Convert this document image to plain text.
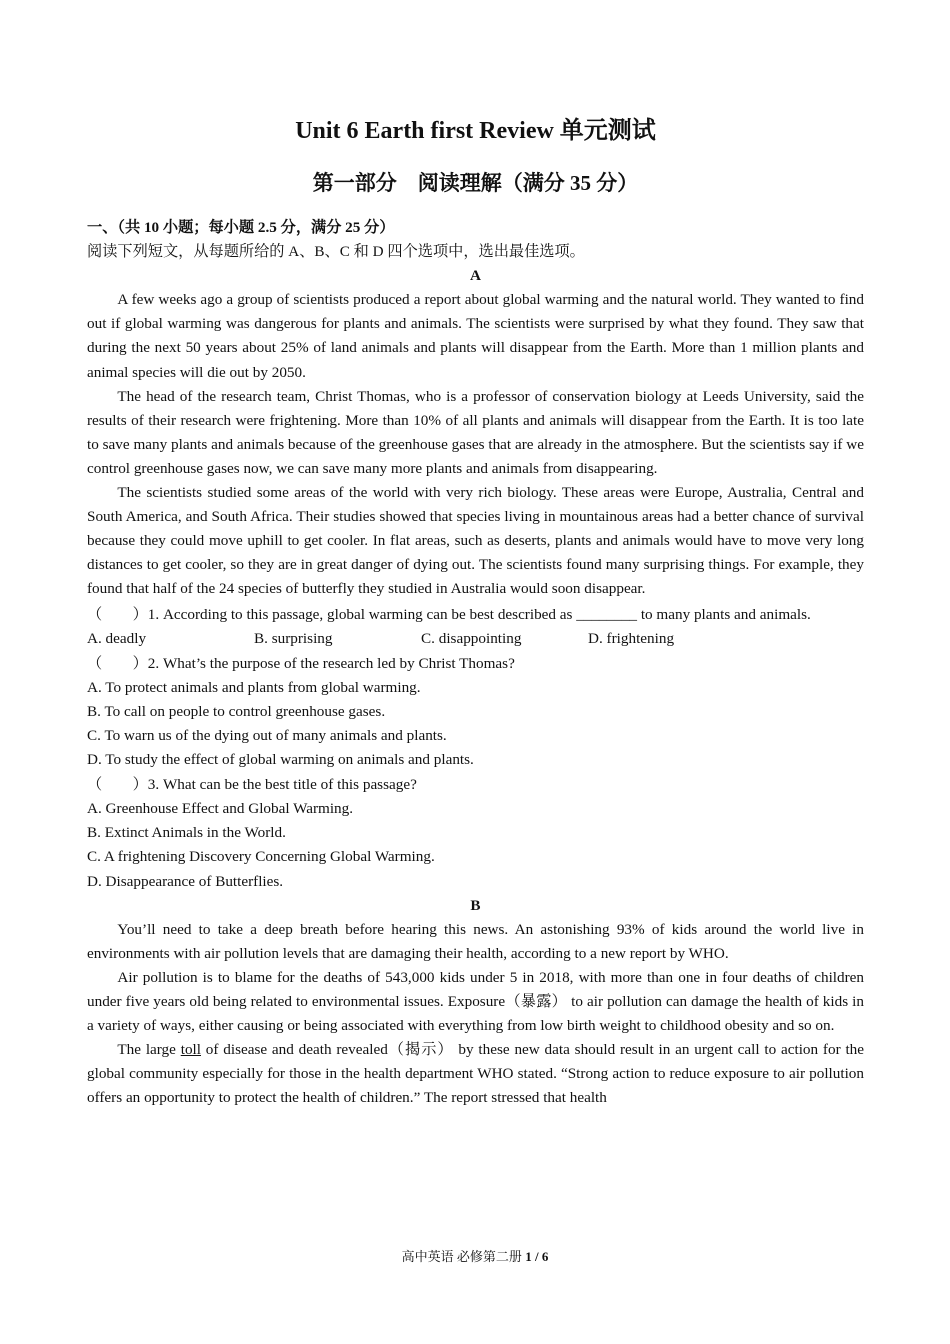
Unit 6 Earth first Review 单元测试
第一部分　阅读理解（满分 35 分）

一、（共 10 小题；每小题 2.5 分，满分 25 分）

阅读下列短文，从每题所给的 A、B、C 和 D 四个选项中，选出最佳选项。

A

A few weeks ago a group of scientists produced a report about global warming and the natural world. They wanted to find out if global warming was dangerous for plants and animals. The scientists were surprised by what they found. They saw that during the next 50 years about 25% of land animals and plants will disappear from the Earth. More than 1 million plants and animal species will die out by 2050.

The head of the research team, Christ Thomas, who is a professor of conservation biology at Leeds University, said the results of their research were frightening. More than 10% of all plants and animals will disappear from the Earth. It is too late to save many plants and animals because of the greenhouse gases that are already in the atmosphere. But the scientists say if we control greenhouse gases now, we can save many more plants and animals from disappearing.

The scientists studied some areas of the world with very rich biology. These areas were Europe, Australia, Central and South America, and South Africa. Their studies showed that species living in mountainous areas had a better chance of survival because they could move uphill to get cooler. In flat areas, such as deserts, plants and animals would have to move very long distances to get cooler, so they are in great danger of dying out. The scientists found many surprising things. For example, they found that half of the 24 species of butterfly they studied in Australia would soon disappear.

（　　）1. According to this passage, global warming can be best described as ________ to many plants and animals.

A. deadly	B. surprising	C. disappointing	D. frightening

（　　）2. What’s the purpose of the research led by Christ Thomas?

A. To protect animals and plants from global warming.

B. To call on people to control greenhouse gases.

C. To warn us of the dying out of many animals and plants.

D. To study the effect of global warming on animals and plants.

（　　）3. What can be the best title of this passage?

A. Greenhouse Effect and Global Warming.

B. Extinct Animals in the World.

C. A frightening Discovery Concerning Global Warming.

D. Disappearance of Butterflies.

B

You’ll need to take a deep breath before hearing this news. An astonishing 93% of kids around the world live in environments with air pollution levels that are damaging their health, according to a new report by WHO.

Air pollution is to blame for the deaths of 543,000 kids under 5 in 2018, with more than one in four deaths of children under five years old being related to environmental issues. Exposure（暴露） to air pollution can damage the health of kids in a variety of ways, either causing or being associated with everything from low birth weight to childhood obesity and so on.

The large toll of disease and death revealed（揭示） by these new data should result in an urgent call to action for the global community especially for those in the health department WHO stated. “Strong action to reduce exposure to air pollution offers an opportunity to protect the health of children.” The report stressed that health

高中英语 必修第二册 1 / 6
